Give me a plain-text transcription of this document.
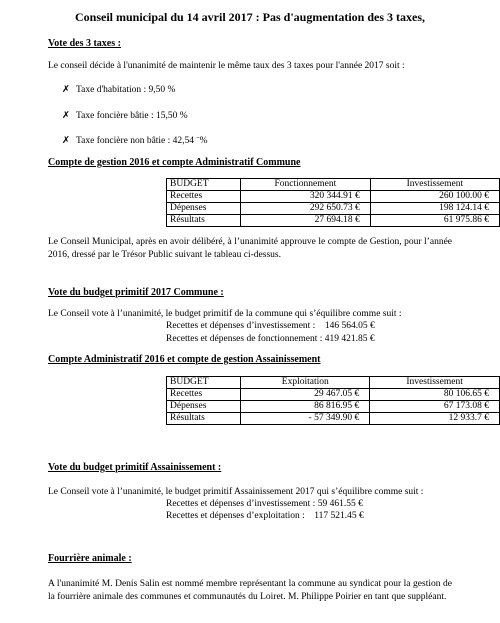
Conseil municipal du 14 avril 2017 : Pas d'augmentation des 3 taxes,
Vote des 3 taxes :
Le conseil décide à l'unanimité de maintenir le même taux des 3 taxes pour l'année 2017 soit :
✗ Taxe d'habitation : 9,50 %
✗ Taxe foncière bâtie : 15,50 %
✗ Taxe foncière non bâtie : 42,54 ¨%
Compte de gestion 2016 et compte Administratif Commune
BUDGET	Fonctionnement	Investissement
Recettes	320 344.91 €	260 100.00 €
Dépenses	292 650.73 €	198 124.14 €
Résultats	27 694.18 €	61 975.86 €
Le Conseil Municipal, après en avoir délibéré, à l’unanimité approuve le compte de Gestion, pour l’année 2016, dressé par le Trésor Public suivant le tableau ci-dessus.
Vote du budget primitif 2017 Commune :
Le Conseil vote à l’unanimité, le budget primitif de la commune qui s’équilibre comme suit :
Recettes et dépenses d’investissement :    146 564.05 €
Recettes et dépenses de fonctionnement : 419 421.85 €
Compte Administratif 2016 et compte de gestion Assainissement
BUDGET	Exploitation	Investissement
Recettes	29 467.05 €	80 106.65 €
Dépenses	86 816.95 €	67 173.08 €
Résultats	- 57 349.90 €	12 933.7 €
Vote du budget primitif Assainissement :
Le Conseil vote à l’unanimité, le budget primitif Assainissement 2017 qui s’équilibre comme suit :
Recettes et dépenses d’investissement : 59 461.55 €
Recettes et dépenses d’exploitation :    117 521.45 €
Fourrière animale :
A l'unanimité M. Denis Salin est nommé membre représentant la commune au syndicat pour la gestion de la fourrière animale des communes et communautés du Loiret. M. Philippe Poirier en tant que suppléant.
